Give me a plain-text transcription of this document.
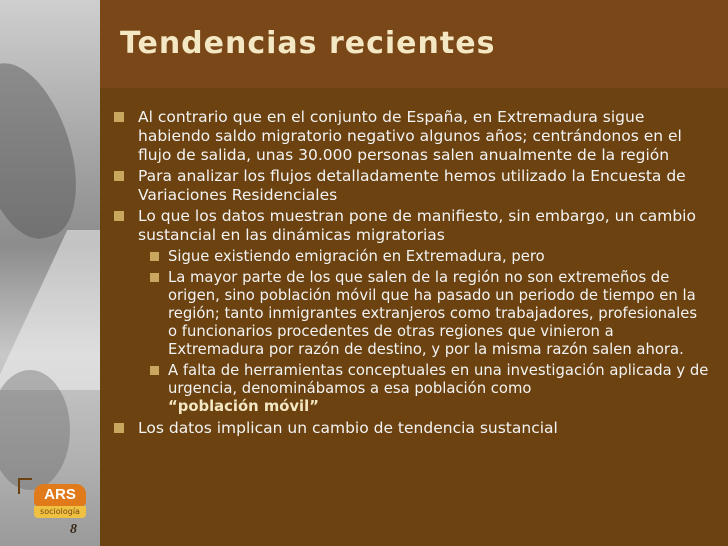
Tendencias recientes
Al contrario que en el conjunto de España, en Extremadura sigue habiendo saldo migratorio negativo algunos años; centrándonos en el flujo de salida, unas 30.000 personas salen anualmente de la región
Para analizar los flujos detalladamente hemos utilizado la Encuesta de Variaciones Residenciales
Lo que los datos muestran pone de manifiesto, sin embargo, un cambio sustancial en las dinámicas migratorias
Sigue existiendo emigración en Extremadura, pero
La mayor parte de los que salen de la región no son extremeños de origen, sino población móvil que ha pasado un periodo de tiempo en la región; tanto inmigrantes extranjeros como trabajadores, profesionales o funcionarios procedentes de otras regiones que vinieron a Extremadura por razón de destino, y por la misma razón salen ahora.
A falta de herramientas conceptuales en una investigación aplicada y de urgencia, denominábamos a esa población como
“población móvil”
Los datos implican un cambio de tendencia sustancial
ARS
sociología
8
